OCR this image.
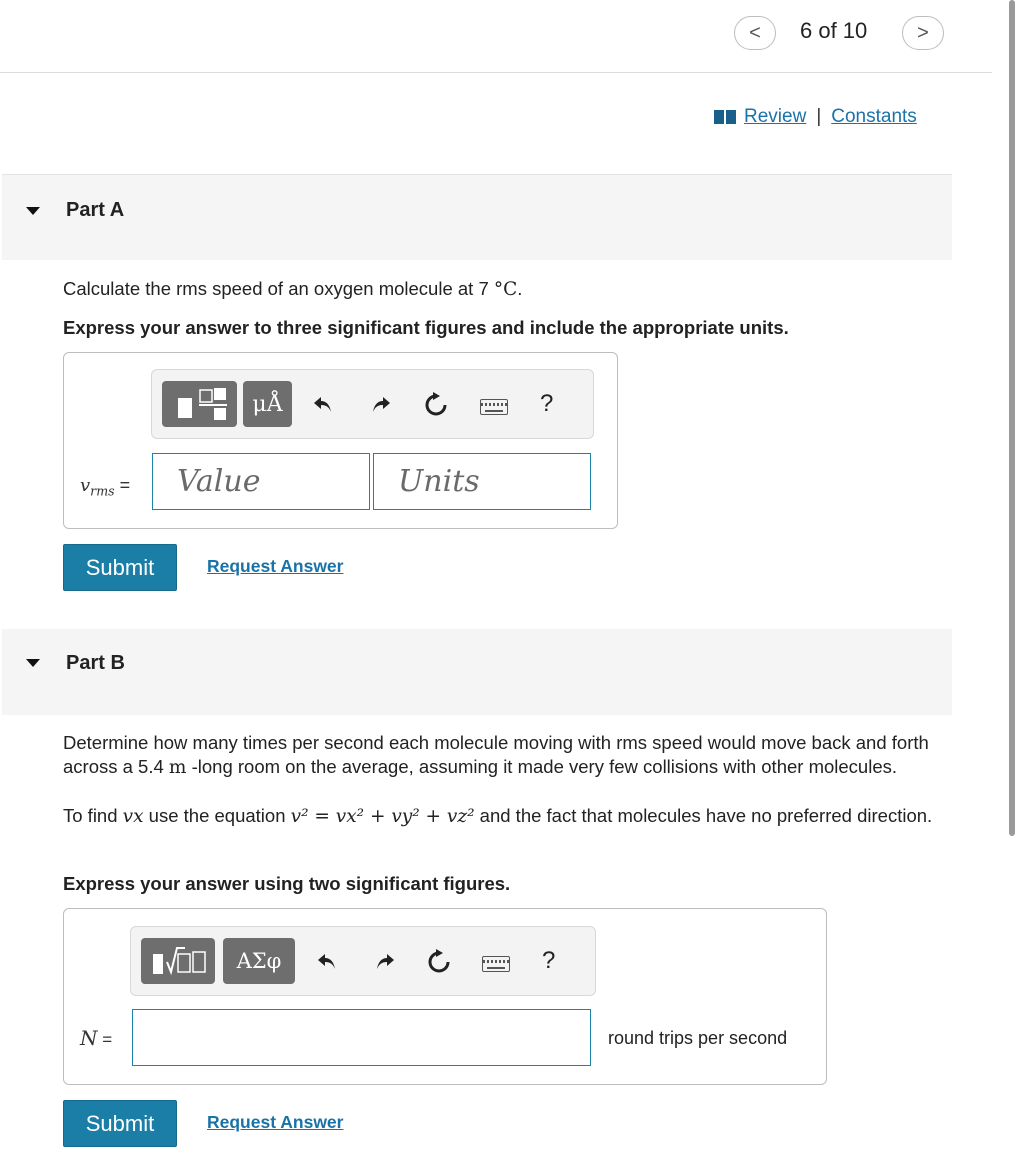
< 6 of 10 >
Review | Constants
Part A
Calculate the rms speed of an oxygen molecule at 7 °C.
Express your answer to three significant figures and include the appropriate units.
μÅ	?
$v_{rms}$ =
Value
Units
Submit	Request Answer
Part B
Determine how many times per second each molecule moving with rms speed would move back and forth across a 5.4 m -long room on the average, assuming it made very few collisions with other molecules.
To find vx use the equation v² = vx² + vy² + vz² and the fact that molecules have no preferred direction.
Express your answer using two significant figures.
ΑΣφ	?
N =	round trips per second
Submit	Request Answer
